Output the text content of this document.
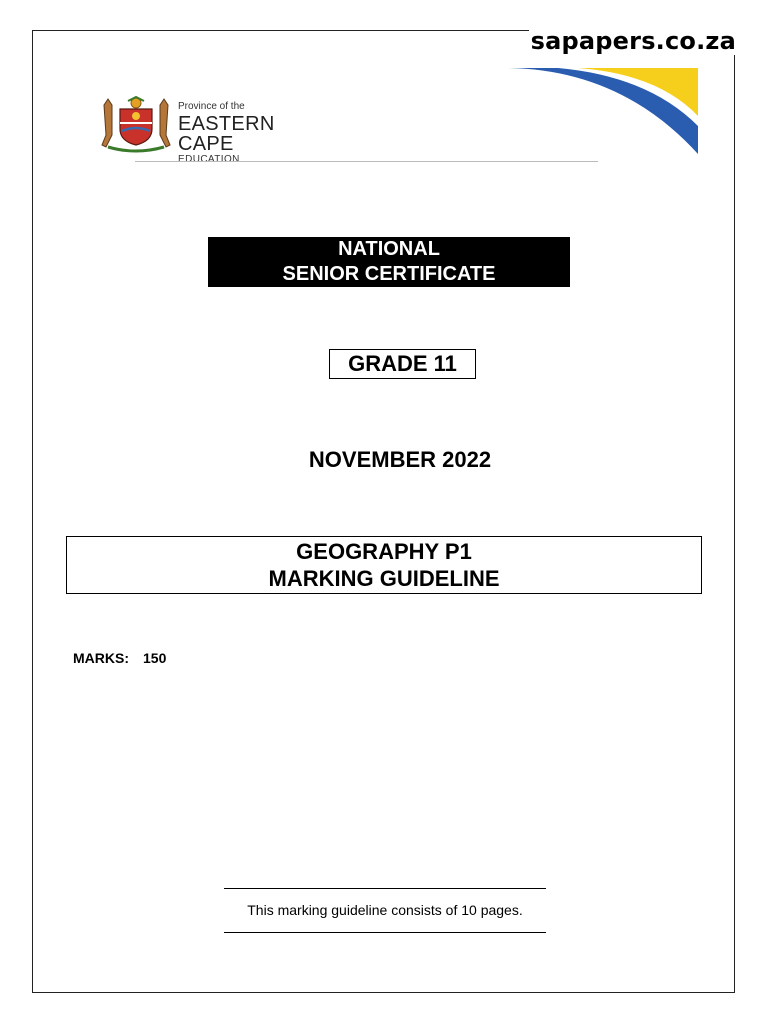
sapapers.co.za
Province of the
EASTERN CAPE
EDUCATION
NATIONAL
SENIOR CERTIFICATE
GRADE 11
NOVEMBER 2022
GEOGRAPHY P1
MARKING GUIDELINE
MARKS: 150
This marking guideline consists of 10 pages.
